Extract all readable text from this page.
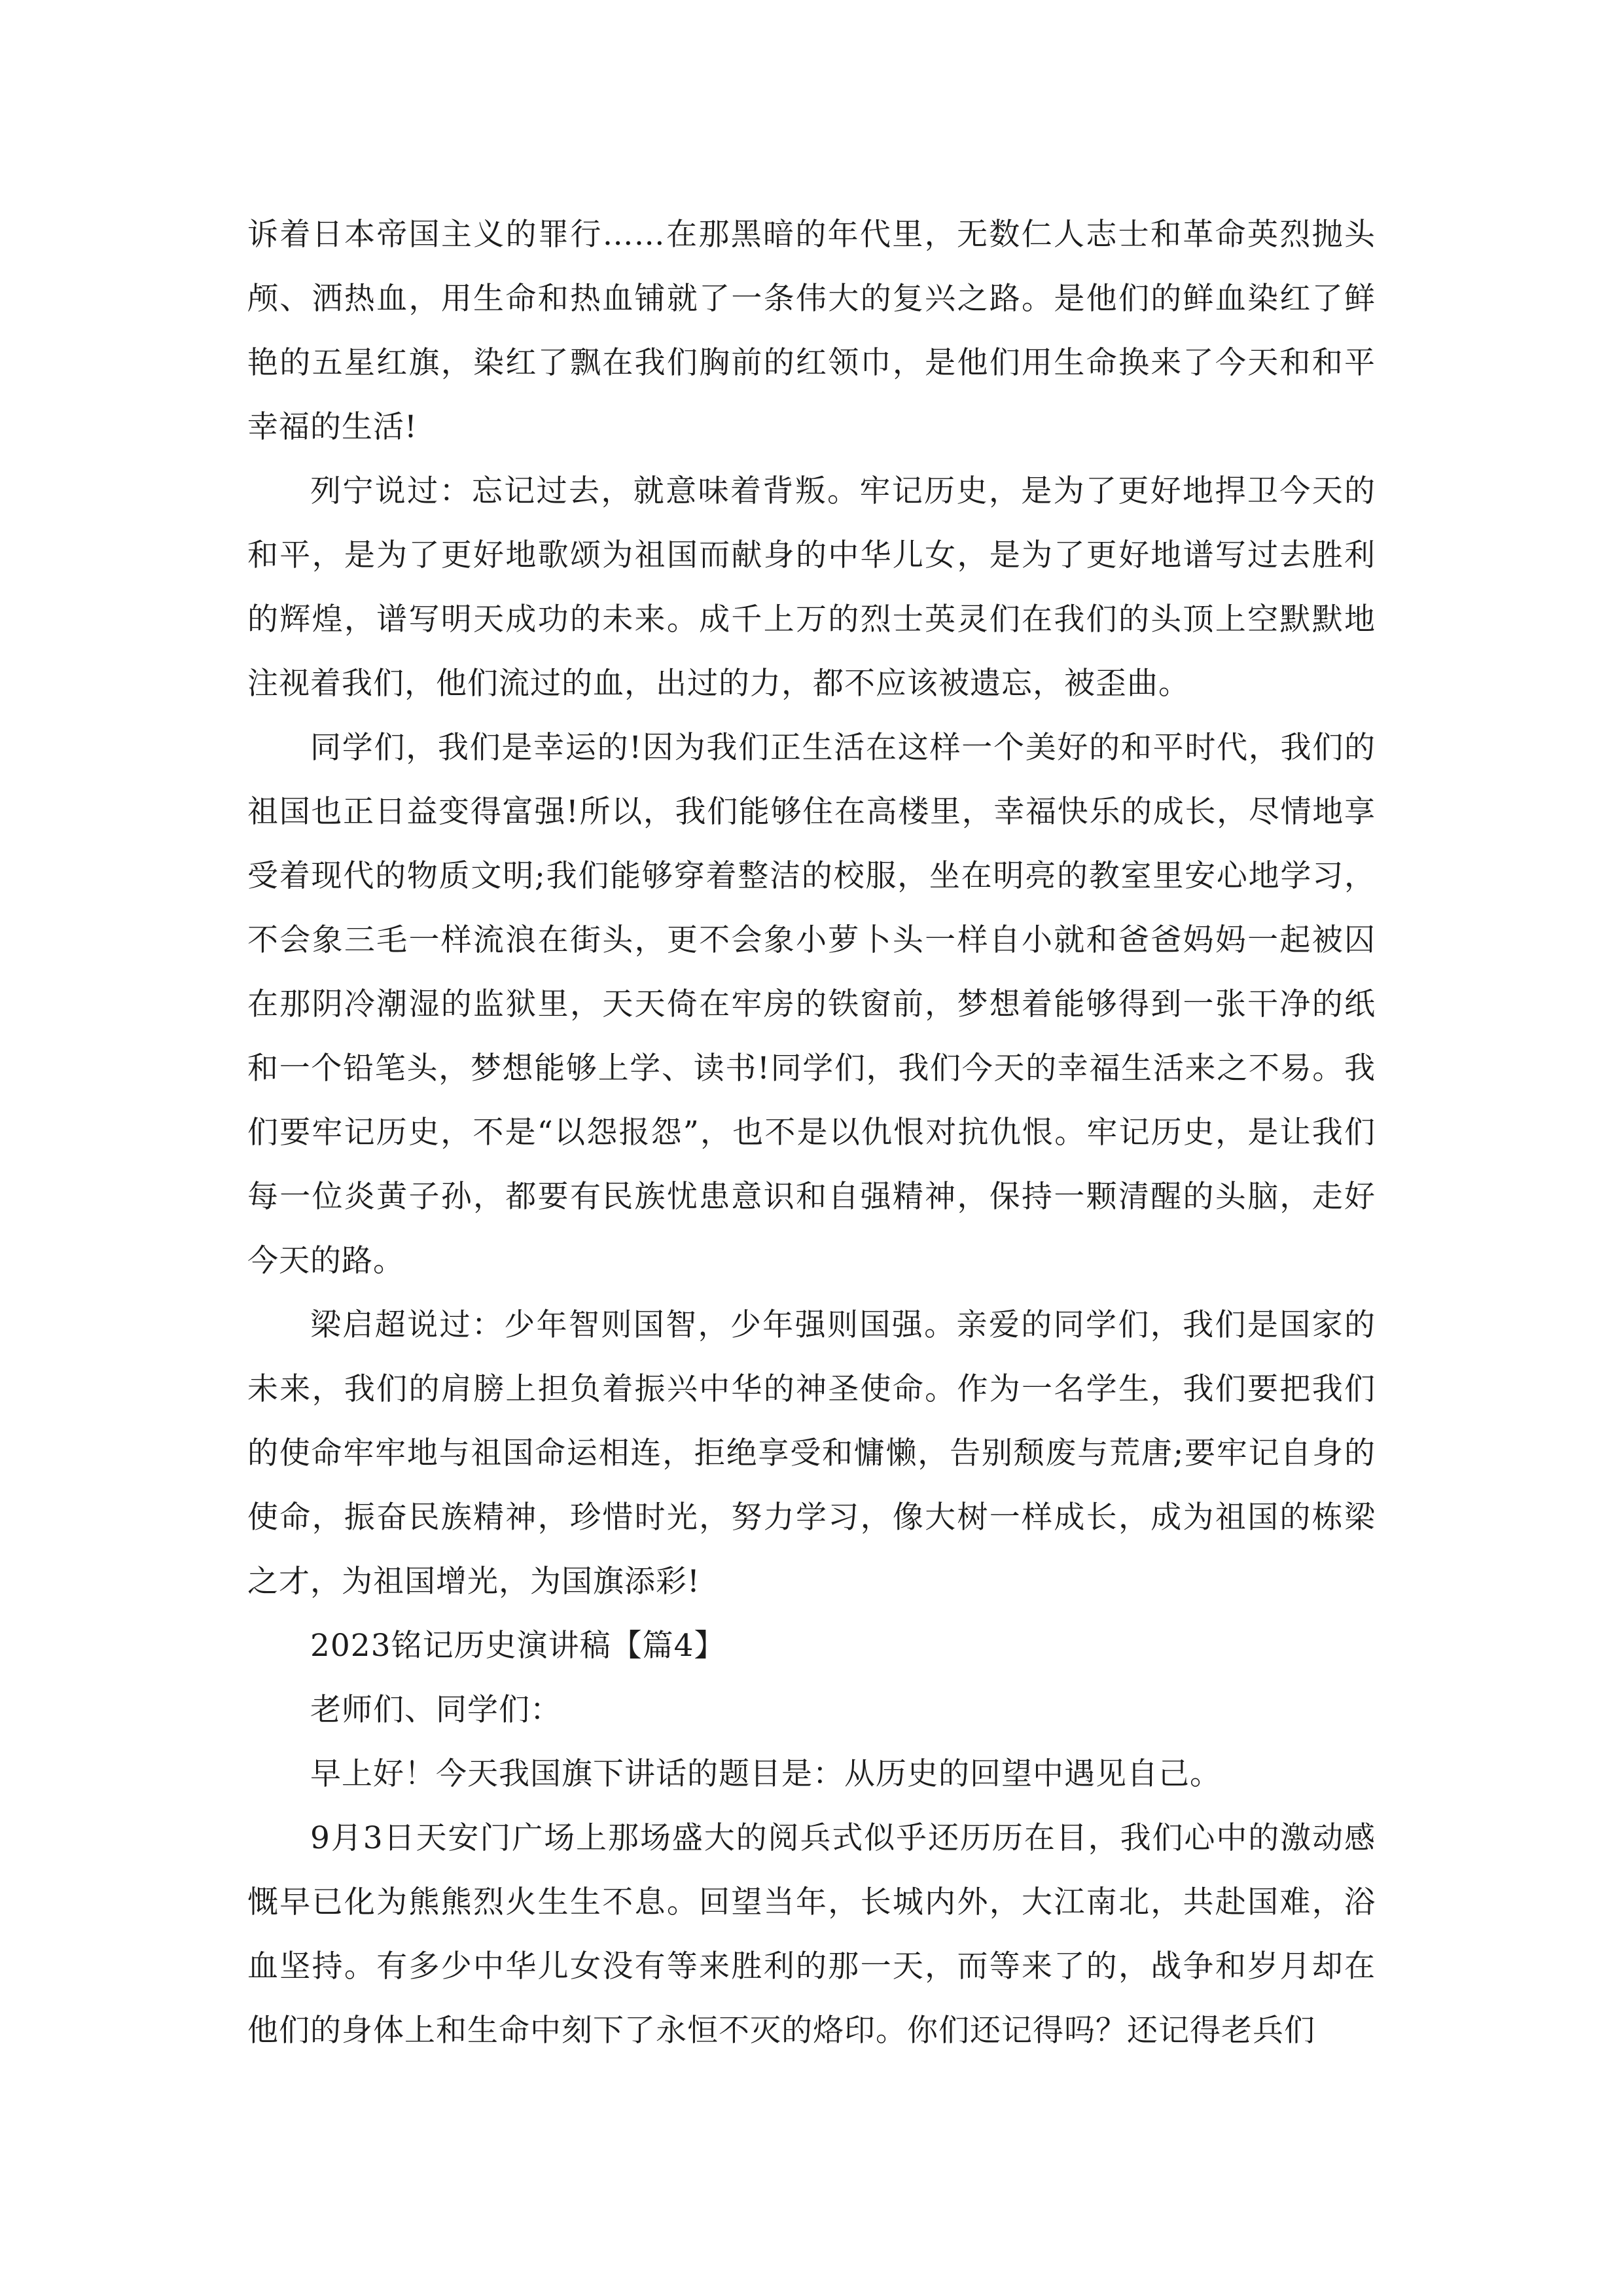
诉着日本帝国主义的罪行……在那黑暗的年代里，无数仁人志士和革命英烈抛头颅、洒热血，用生命和热血铺就了一条伟大的复兴之路。是他们的鲜血染红了鲜艳的五星红旗，染红了飘在我们胸前的红领巾，是他们用生命换来了今天和和平幸福的生活!

列宁说过：忘记过去，就意味着背叛。牢记历史，是为了更好地捍卫今天的和平，是为了更好地歌颂为祖国而献身的中华儿女，是为了更好地谱写过去胜利的辉煌，谱写明天成功的未来。成千上万的烈士英灵们在我们的头顶上空默默地注视着我们，他们流过的血，出过的力，都不应该被遗忘，被歪曲。

同学们，我们是幸运的!因为我们正生活在这样一个美好的和平时代，我们的祖国也正日益变得富强!所以，我们能够住在高楼里，幸福快乐的成长，尽情地享受着现代的物质文明;我们能够穿着整洁的校服，坐在明亮的教室里安心地学习，不会象三毛一样流浪在街头，更不会象小萝卜头一样自小就和爸爸妈妈一起被囚在那阴冷潮湿的监狱里，天天倚在牢房的铁窗前，梦想着能够得到一张干净的纸和一个铅笔头，梦想能够上学、读书!同学们，我们今天的幸福生活来之不易。我们要牢记历史，不是“以怨报怨”，也不是以仇恨对抗仇恨。牢记历史，是让我们每一位炎黄子孙，都要有民族忧患意识和自强精神，保持一颗清醒的头脑，走好今天的路。

梁启超说过：少年智则国智，少年强则国强。亲爱的同学们，我们是国家的未来，我们的肩膀上担负着振兴中华的神圣使命。作为一名学生，我们要把我们的使命牢牢地与祖国命运相连，拒绝享受和慵懒，告别颓废与荒唐;要牢记自身的使命，振奋民族精神，珍惜时光，努力学习，像大树一样成长，成为祖国的栋梁之才，为祖国增光，为国旗添彩!

2023铭记历史演讲稿【篇4】

老师们、同学们：

早上好！今天我国旗下讲话的题目是：从历史的回望中遇见自己。

9月3日天安门广场上那场盛大的阅兵式似乎还历历在目，我们心中的激动感慨早已化为熊熊烈火生生不息。回望当年，长城内外，大江南北，共赴国难，浴血坚持。有多少中华儿女没有等来胜利的那一天，而等来了的，战争和岁月却在他们的身体上和生命中刻下了永恒不灭的烙印。你们还记得吗？还记得老兵们
